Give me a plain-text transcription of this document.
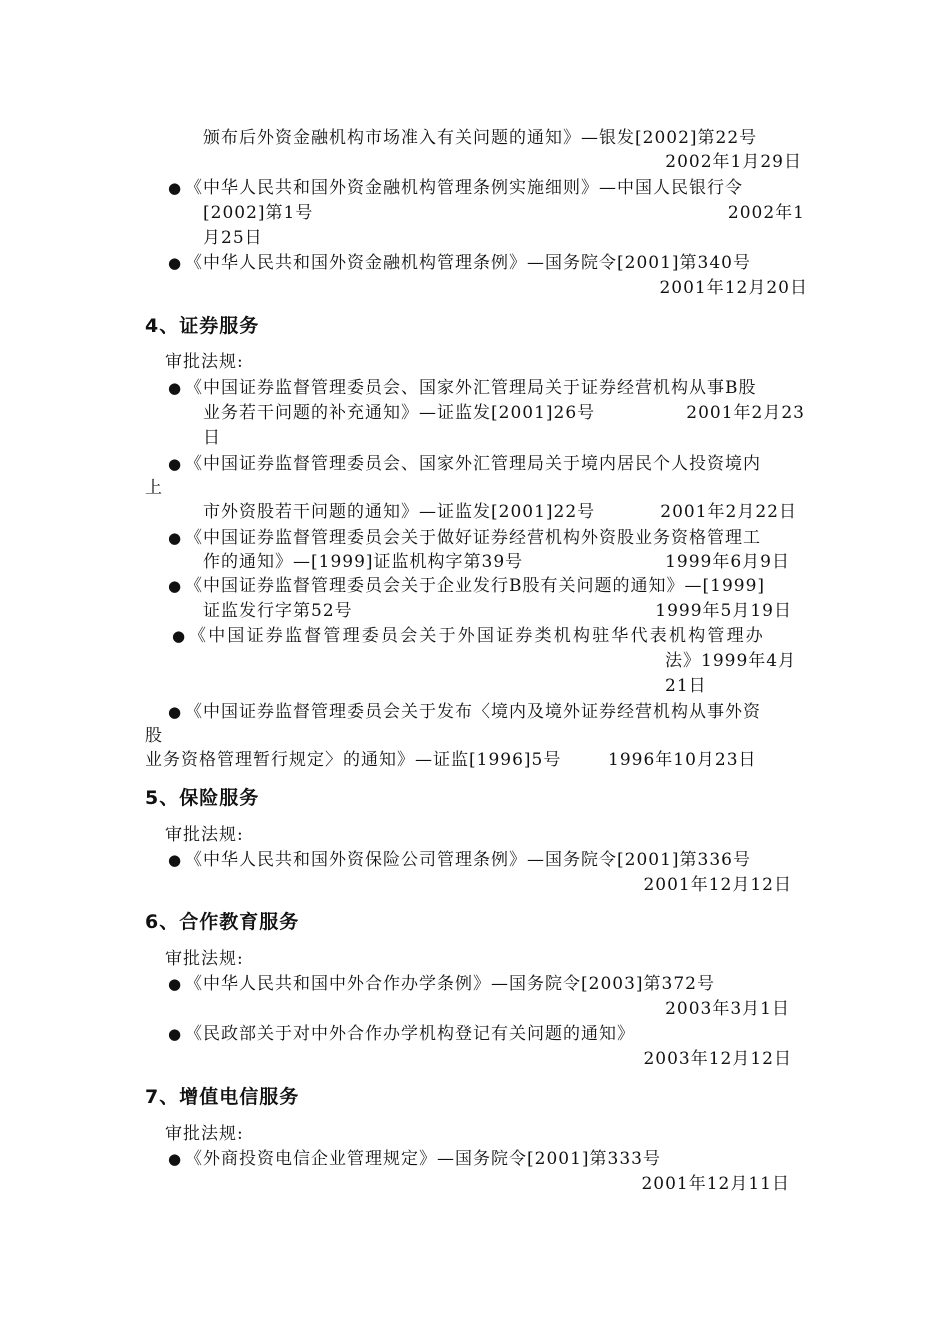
颁布后外资金融机构市场准入有关问题的通知》—银发[2002]第22号
2002年1月29日
● 《中华人民共和国外资金融机构管理条例实施细则》—中国人民银行令
[2002]第1号	2002年1
月25日
● 《中华人民共和国外资金融机构管理条例》—国务院令[2001]第340号
2001年12月20日
4、证券服务
审批法规:
● 《中国证券监督管理委员会、国家外汇管理局关于证券经营机构从事B股
业务若干问题的补充通知》—证监发[2001]26号	2001年2月23
日
● 《中国证券监督管理委员会、国家外汇管理局关于境内居民个人投资境内
上
市外资股若干问题的通知》—证监发[2001]22号	2001年2月22日
● 《中国证券监督管理委员会关于做好证券经营机构外资股业务资格管理工
作的通知》—[1999]证监机构字第39号	1999年6月9日
● 《中国证券监督管理委员会关于企业发行B股有关问题的通知》—[1999]
证监发行字第52号	1999年5月19日
● 《中国证券监督管理委员会关于外国证券类机构驻华代表机构管理办
法》1999年4月
21日
● 《中国证券监督管理委员会关于发布〈境内及境外证券经营机构从事外资
股
业务资格管理暂行规定〉的通知》—证监[1996]5号	1996年10月23日
5、保险服务
审批法规:
● 《中华人民共和国外资保险公司管理条例》—国务院令[2001]第336号
2001年12月12日
6、合作教育服务
审批法规:
● 《中华人民共和国中外合作办学条例》—国务院令[2003]第372号
2003年3月1日
● 《民政部关于对中外合作办学机构登记有关问题的通知》
2003年12月12日
7、增值电信服务
审批法规:
● 《外商投资电信企业管理规定》—国务院令[2001]第333号
2001年12月11日
